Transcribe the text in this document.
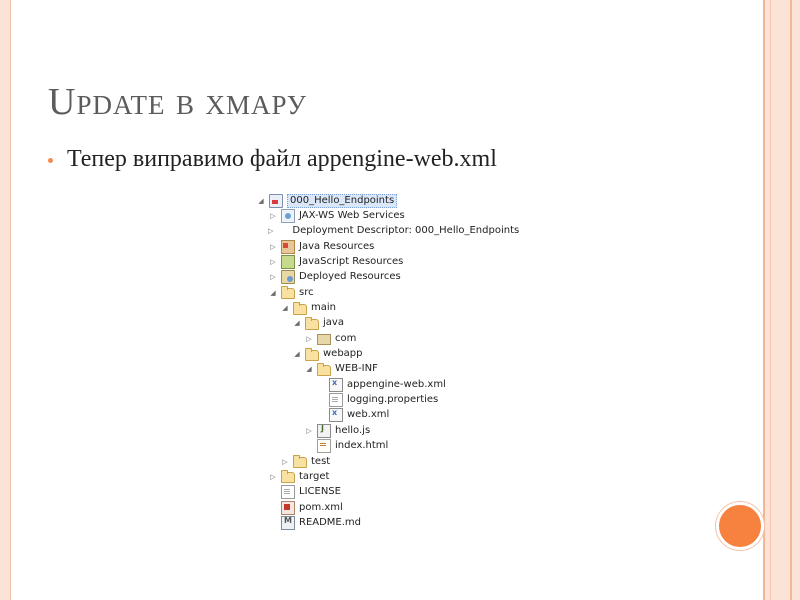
Update в хмару
Тепер виправимо файл appengine-web.xml
◢	000_Hello_Endpoints
▷ JAX-WS Web Services
▷ Deployment Descriptor: 000_Hello_Endpoints
▷ Java Resources
▷ JavaScript Resources
▷ Deployed Resources
◢ src
◢ main
◢ java
▷ com
◢ webapp
◢ WEB-INF
x
appengine-web.xml
logging.properties
x
web.xml
▷
J hello.js
index.html
▷ test
▷ target
LICENSE
pom.xml
M
README.md
